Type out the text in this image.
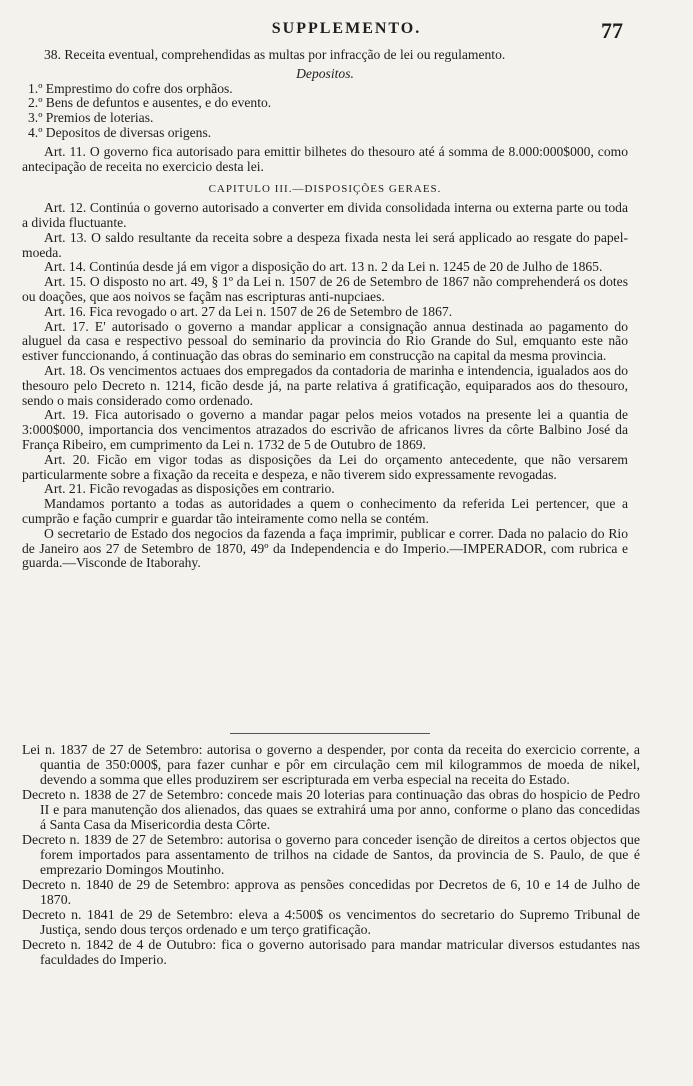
SUPPLEMENTO.	77

38. Receita eventual, comprehendidas as multas por infracção de lei ou regulamento.

Depositos.

1.º Emprestimo do cofre dos orphãos.
2.º Bens de defuntos e ausentes, e do evento.
3.º Premios de loterias.
4.º Depositos de diversas origens.

Art. 11. O governo fica autorisado para emittir bilhetes do thesouro até á somma de 8.000:000$000, como antecipação de receita no exercicio desta lei.

CAPITULO III.—DISPOSIÇÕES GERAES.

Art. 12. Continúa o governo autorisado a converter em divida consolidada interna ou externa parte ou toda a divida fluctuante.

Art. 13. O saldo resultante da receita sobre a despeza fixada nesta lei será applicado ao resgate do papel-moeda.

Art. 14. Continúa desde já em vigor a disposição do art. 13 n. 2 da Lei n. 1245 de 20 de Julho de 1865.

Art. 15. O disposto no art. 49, § 1º da Lei n. 1507 de 26 de Setembro de 1867 não comprehenderá os dotes ou doações, que aos noivos se façãm nas escripturas anti-nupciaes.

Art. 16. Fica revogado o art. 27 da Lei n. 1507 de 26 de Setembro de 1867.

Art. 17. E' autorisado o governo a mandar applicar a consignação annua destinada ao pagamento do aluguel da casa e respectivo pessoal do seminario da provincia do Rio Grande do Sul, emquanto este não estiver funccionando, á continuação das obras do seminario em construcção na capital da mesma provincia.

Art. 18. Os vencimentos actuaes dos empregados da contadoria de marinha e intendencia, igualados aos do thesouro pelo Decreto n. 1214, ficão desde já, na parte relativa á gratificação, equiparados aos do thesouro, sendo o mais considerado como ordenado.

Art. 19. Fica autorisado o governo a mandar pagar pelos meios votados na presente lei a quantia de 3:000$000, importancia dos vencimentos atrazados do escrivão de africanos livres da côrte Balbino José da França Ribeiro, em cumprimento da Lei n. 1732 de 5 de Outubro de 1869.

Art. 20. Ficão em vigor todas as disposições da Lei do orçamento antecedente, que não versarem particularmente sobre a fixação da receita e despeza, e não tiverem sido expressamente revogadas.

Art. 21. Ficão revogadas as disposições em contrario.

Mandamos portanto a todas as autoridades a quem o conhecimento da referida Lei pertencer, que a cumprão e fação cumprir e guardar tão inteiramente como nella se contém.

O secretario de Estado dos negocios da fazenda a faça imprimir, publicar e correr. Dada no palacio do Rio de Janeiro aos 27 de Setembro de 1870, 49º da Independencia e do Imperio.—IMPERADOR, com rubrica e guarda.—Visconde de Itaborahy.

Lei n. 1837 de 27 de Setembro: autorisa o governo a despender, por conta da receita do exercicio corrente, a quantia de 350:000$, para fazer cunhar e pôr em circulação cem mil kilogrammos de moeda de nikel, devendo a somma que elles produzirem ser escripturada em verba especial na receita do Estado.

Decreto n. 1838 de 27 de Setembro: concede mais 20 loterias para continuação das obras do hospicio de Pedro II e para manutenção dos alienados, das quaes se extrahirá uma por anno, conforme o plano das concedidas á Santa Casa da Misericordia desta Côrte.

Decreto n. 1839 de 27 de Setembro: autorisa o governo para conceder isenção de direitos a certos objectos que forem importados para assentamento de trilhos na cidade de Santos, da provincia de S. Paulo, de que é emprezario Domingos Moutinho.

Decreto n. 1840 de 29 de Setembro: approva as pensões concedidas por Decretos de 6, 10 e 14 de Julho de 1870.

Decreto n. 1841 de 29 de Setembro: eleva a 4:500$ os vencimentos do secretario do Supremo Tribunal de Justiça, sendo dous terços ordenado e um terço gratificação.

Decreto n. 1842 de 4 de Outubro: fica o governo autorisado para mandar matricular diversos estudantes nas faculdades do Imperio.
